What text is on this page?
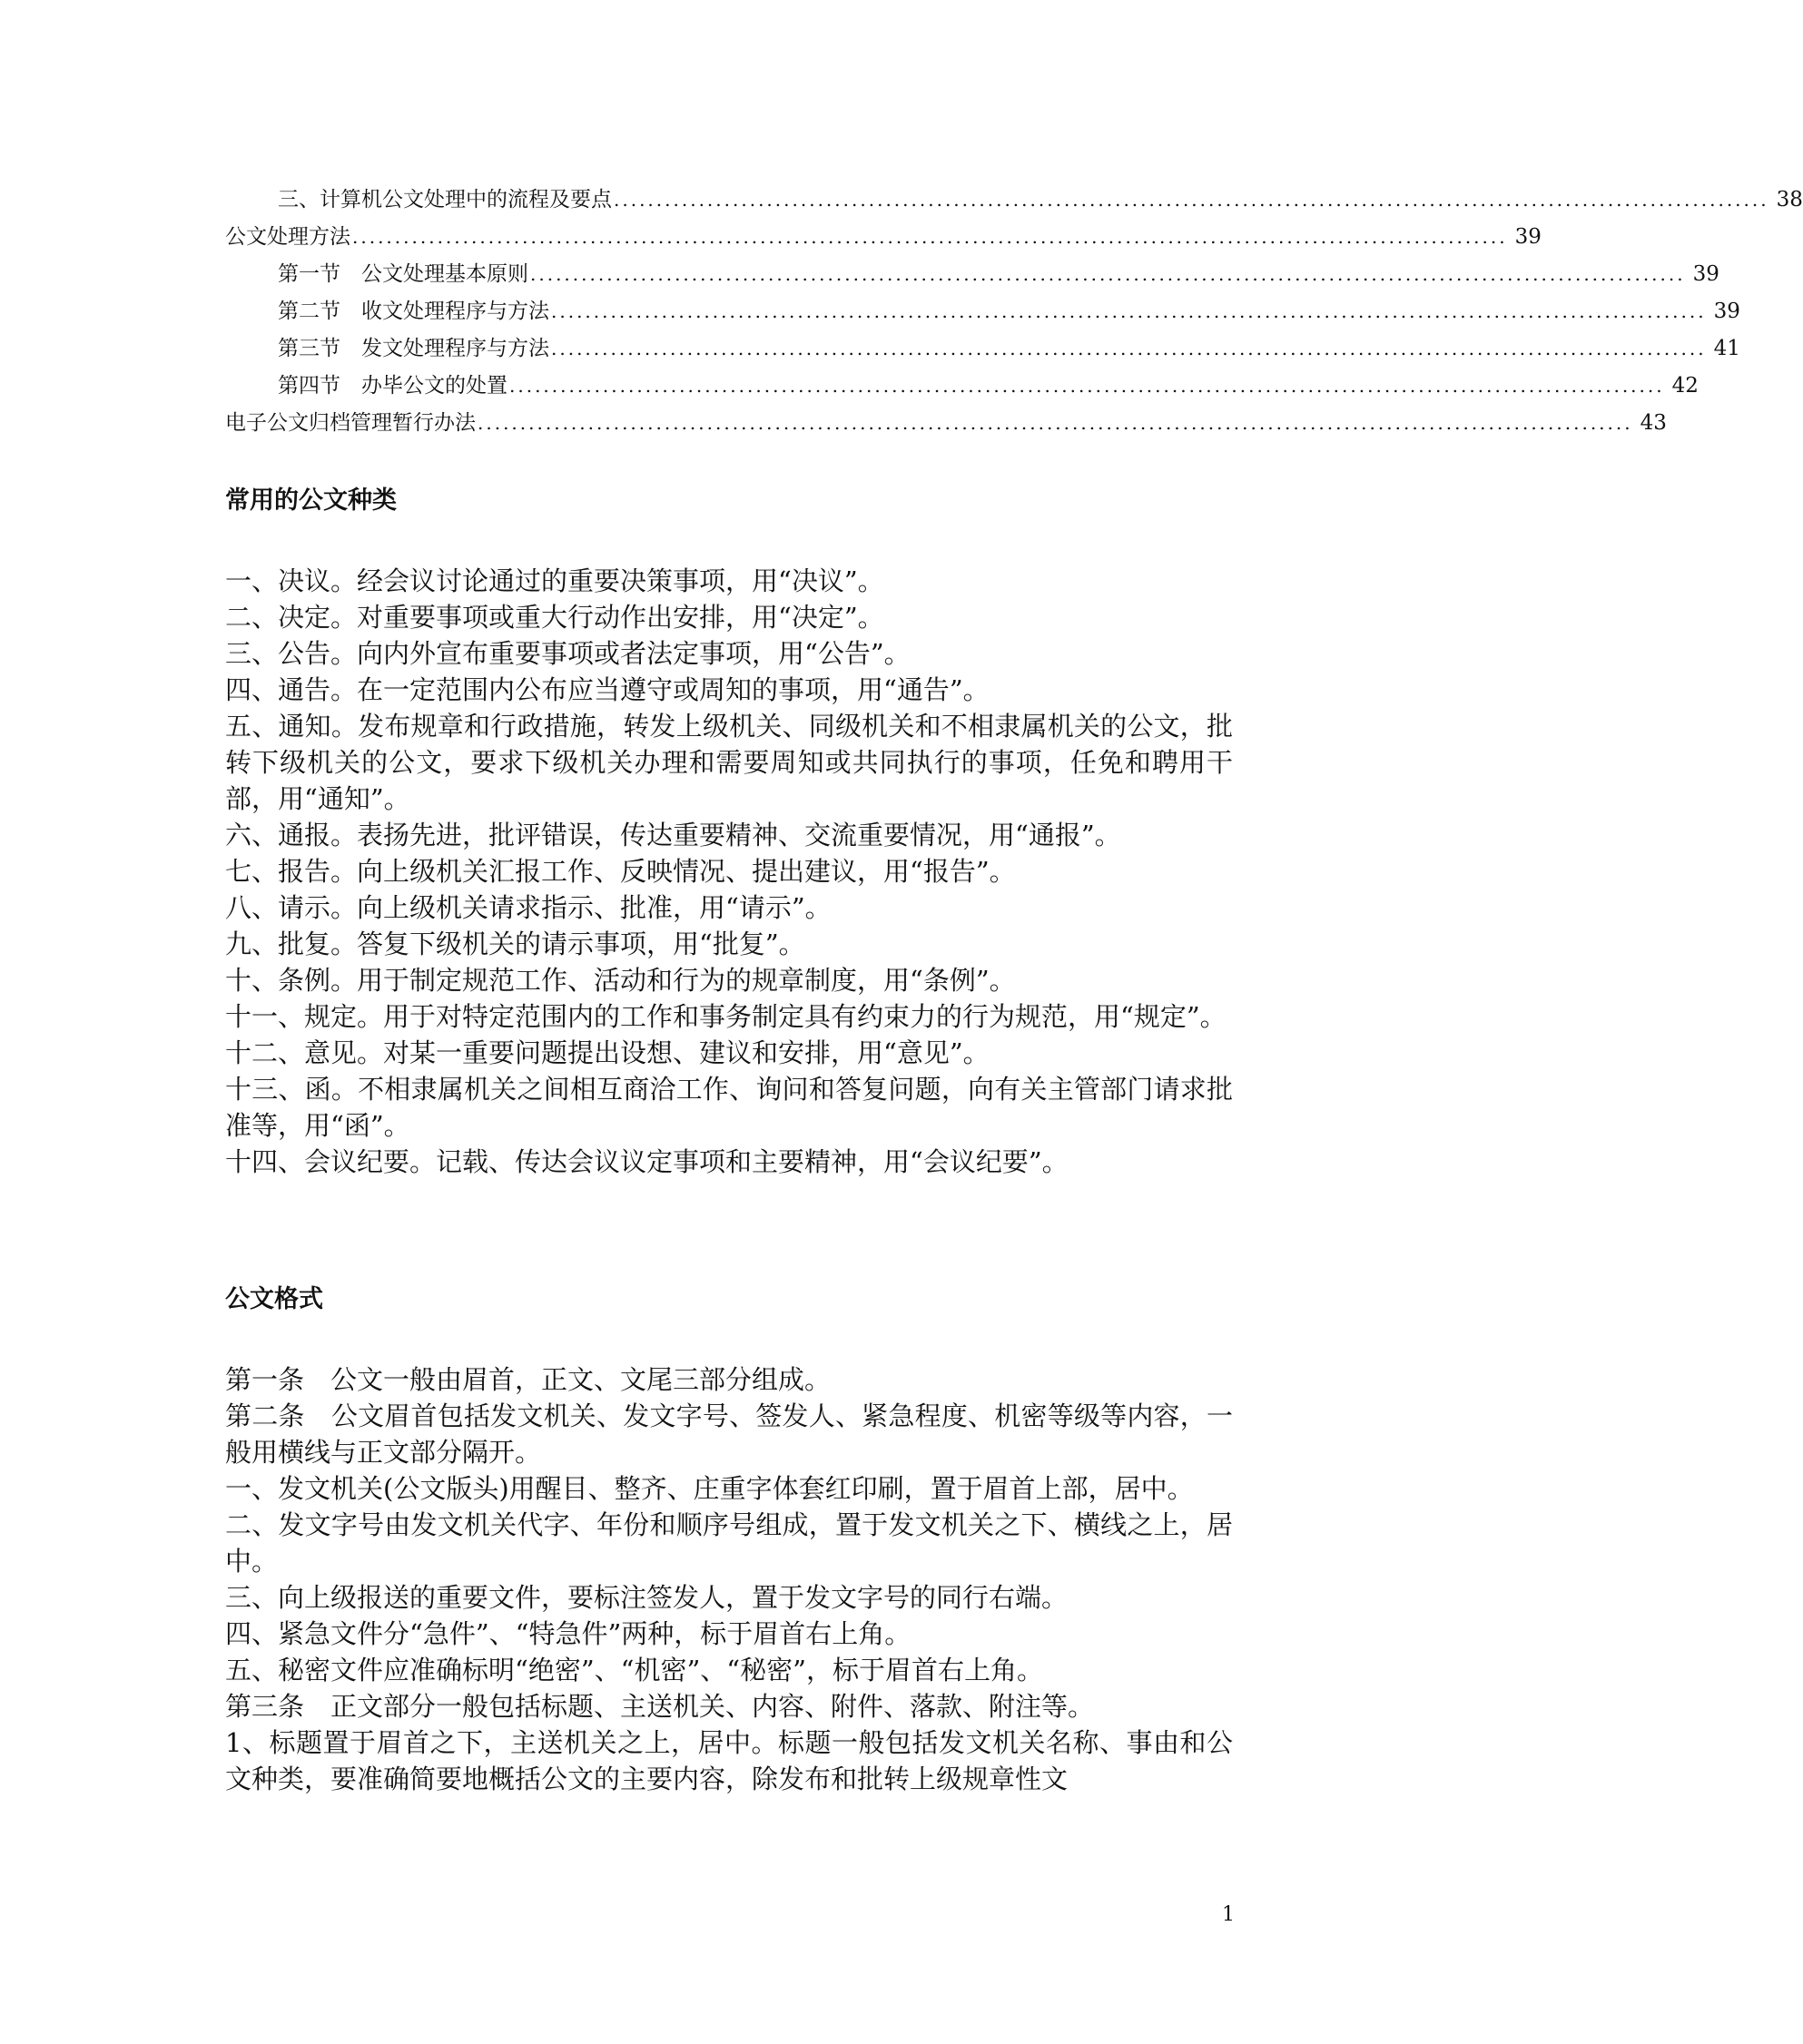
三、计算机公文处理中的流程及要点 ........................................................................................................................................ 38
公文处理方法 ........................................................................................................................................ 39
第一节　公文处理基本原则 ........................................................................................................................................ 39
第二节　收文处理程序与方法 ........................................................................................................................................ 39
第三节　发文处理程序与方法 ........................................................................................................................................ 41
第四节　办毕公文的处置 ........................................................................................................................................ 42
电子公文归档管理暂行办法 ........................................................................................................................................ 43
常用的公文种类

一、决议。经会议讨论通过的重要决策事项，用“决议”。

二、决定。对重要事项或重大行动作出安排，用“决定”。

三、公告。向内外宣布重要事项或者法定事项，用“公告”。

四、通告。在一定范围内公布应当遵守或周知的事项，用“通告”。

五、通知。发布规章和行政措施，转发上级机关、同级机关和不相隶属机关的公文，批转下级机关的公文，要求下级机关办理和需要周知或共同执行的事项，任免和聘用干部，用“通知”。

六、通报。表扬先进，批评错误，传达重要精神、交流重要情况，用“通报”。

七、报告。向上级机关汇报工作、反映情况、提出建议，用“报告”。

八、请示。向上级机关请求指示、批准，用“请示”。

九、批复。答复下级机关的请示事项，用“批复”。

十、条例。用于制定规范工作、活动和行为的规章制度，用“条例”。

十一、规定。用于对特定范围内的工作和事务制定具有约束力的行为规范，用“规定”。

十二、意见。对某一重要问题提出设想、建议和安排，用“意见”。

十三、函。不相隶属机关之间相互商洽工作、询问和答复问题，向有关主管部门请求批准等，用“函”。

十四、会议纪要。记载、传达会议议定事项和主要精神，用“会议纪要”。

公文格式

第一条　公文一般由眉首，正文、文尾三部分组成。

第二条　公文眉首包括发文机关、发文字号、签发人、紧急程度、机密等级等内容，一般用横线与正文部分隔开。

一、发文机关(公文版头)用醒目、整齐、庄重字体套红印刷，置于眉首上部，居中。

二、发文字号由发文机关代字、年份和顺序号组成，置于发文机关之下、横线之上，居中。

三、向上级报送的重要文件，要标注签发人，置于发文字号的同行右端。

四、紧急文件分“急件”、“特急件”两种，标于眉首右上角。

五、秘密文件应准确标明“绝密”、“机密”、“秘密”，标于眉首右上角。

第三条　正文部分一般包括标题、主送机关、内容、附件、落款、附注等。

1、标题置于眉首之下，主送机关之上，居中。标题一般包括发文机关名称、事由和公文种类，要准确简要地概括公文的主要内容，除发布和批转上级规章性文

1
